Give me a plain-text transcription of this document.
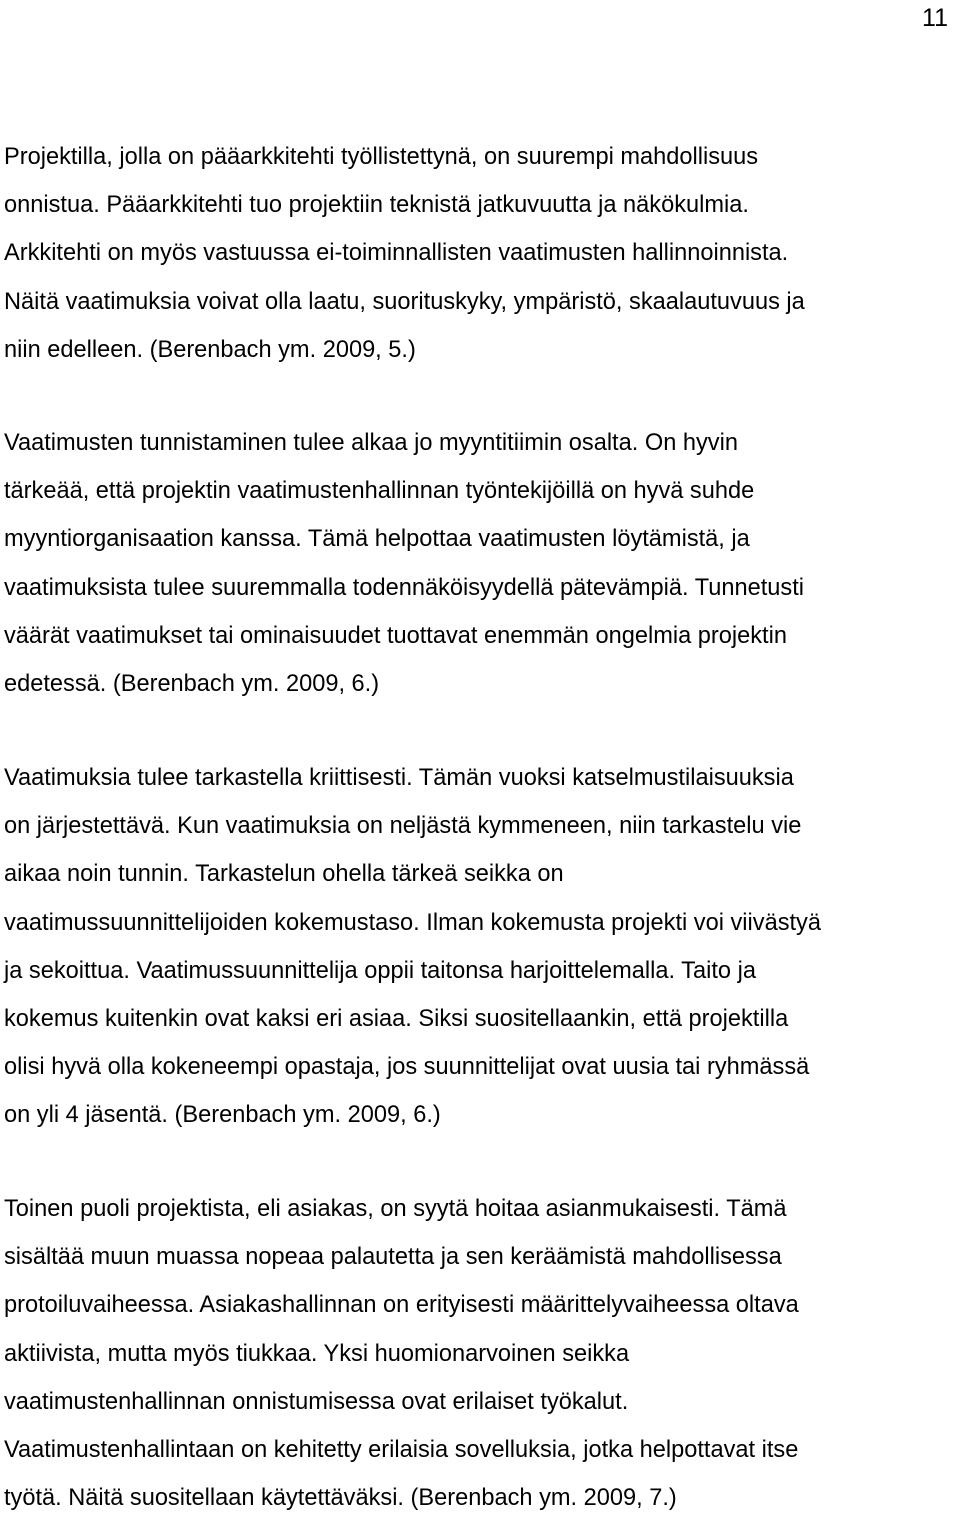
11

Projektilla, jolla on pääarkkitehti työllistettynä, on suurempi mahdollisuus
onnistua. Pääarkkitehti tuo projektiin teknistä jatkuvuutta ja näkökulmia.
Arkkitehti on myös vastuussa ei-toiminnallisten vaatimusten hallinnoinnista.
Näitä vaatimuksia voivat olla laatu, suorituskyky, ympäristö, skaalautuvuus ja
niin edelleen. (Berenbach ym. 2009, 5.)

Vaatimusten tunnistaminen tulee alkaa jo myyntitiimin osalta. On hyvin
tärkeää, että projektin vaatimustenhallinnan työntekijöillä on hyvä suhde
myyntiorganisaation kanssa. Tämä helpottaa vaatimusten löytämistä, ja
vaatimuksista tulee suuremmalla todennäköisyydellä pätevämpiä. Tunnetusti
väärät vaatimukset tai ominaisuudet tuottavat enemmän ongelmia projektin
edetessä. (Berenbach ym. 2009, 6.)

Vaatimuksia tulee tarkastella kriittisesti. Tämän vuoksi katselmustilaisuuksia
on järjestettävä. Kun vaatimuksia on neljästä kymmeneen, niin tarkastelu vie
aikaa noin tunnin. Tarkastelun ohella tärkeä seikka on
vaatimussuunnittelijoiden kokemustaso. Ilman kokemusta projekti voi viivästyä
ja sekoittua. Vaatimussuunnittelija oppii taitonsa harjoittelemalla. Taito ja
kokemus kuitenkin ovat kaksi eri asiaa. Siksi suositellaankin, että projektilla
olisi hyvä olla kokeneempi opastaja, jos suunnittelijat ovat uusia tai ryhmässä
on yli 4 jäsentä. (Berenbach ym. 2009, 6.)

Toinen puoli projektista, eli asiakas, on syytä hoitaa asianmukaisesti. Tämä
sisältää muun muassa nopeaa palautetta ja sen keräämistä mahdollisessa
protoiluvaiheessa. Asiakashallinnan on erityisesti määrittelyvaiheessa oltava
aktiivista, mutta myös tiukkaa. Yksi huomionarvoinen seikka
vaatimustenhallinnan onnistumisessa ovat erilaiset työkalut.
Vaatimustenhallintaan on kehitetty erilaisia sovelluksia, jotka helpottavat itse
työtä. Näitä suositellaan käytettäväksi. (Berenbach ym. 2009, 7.)
